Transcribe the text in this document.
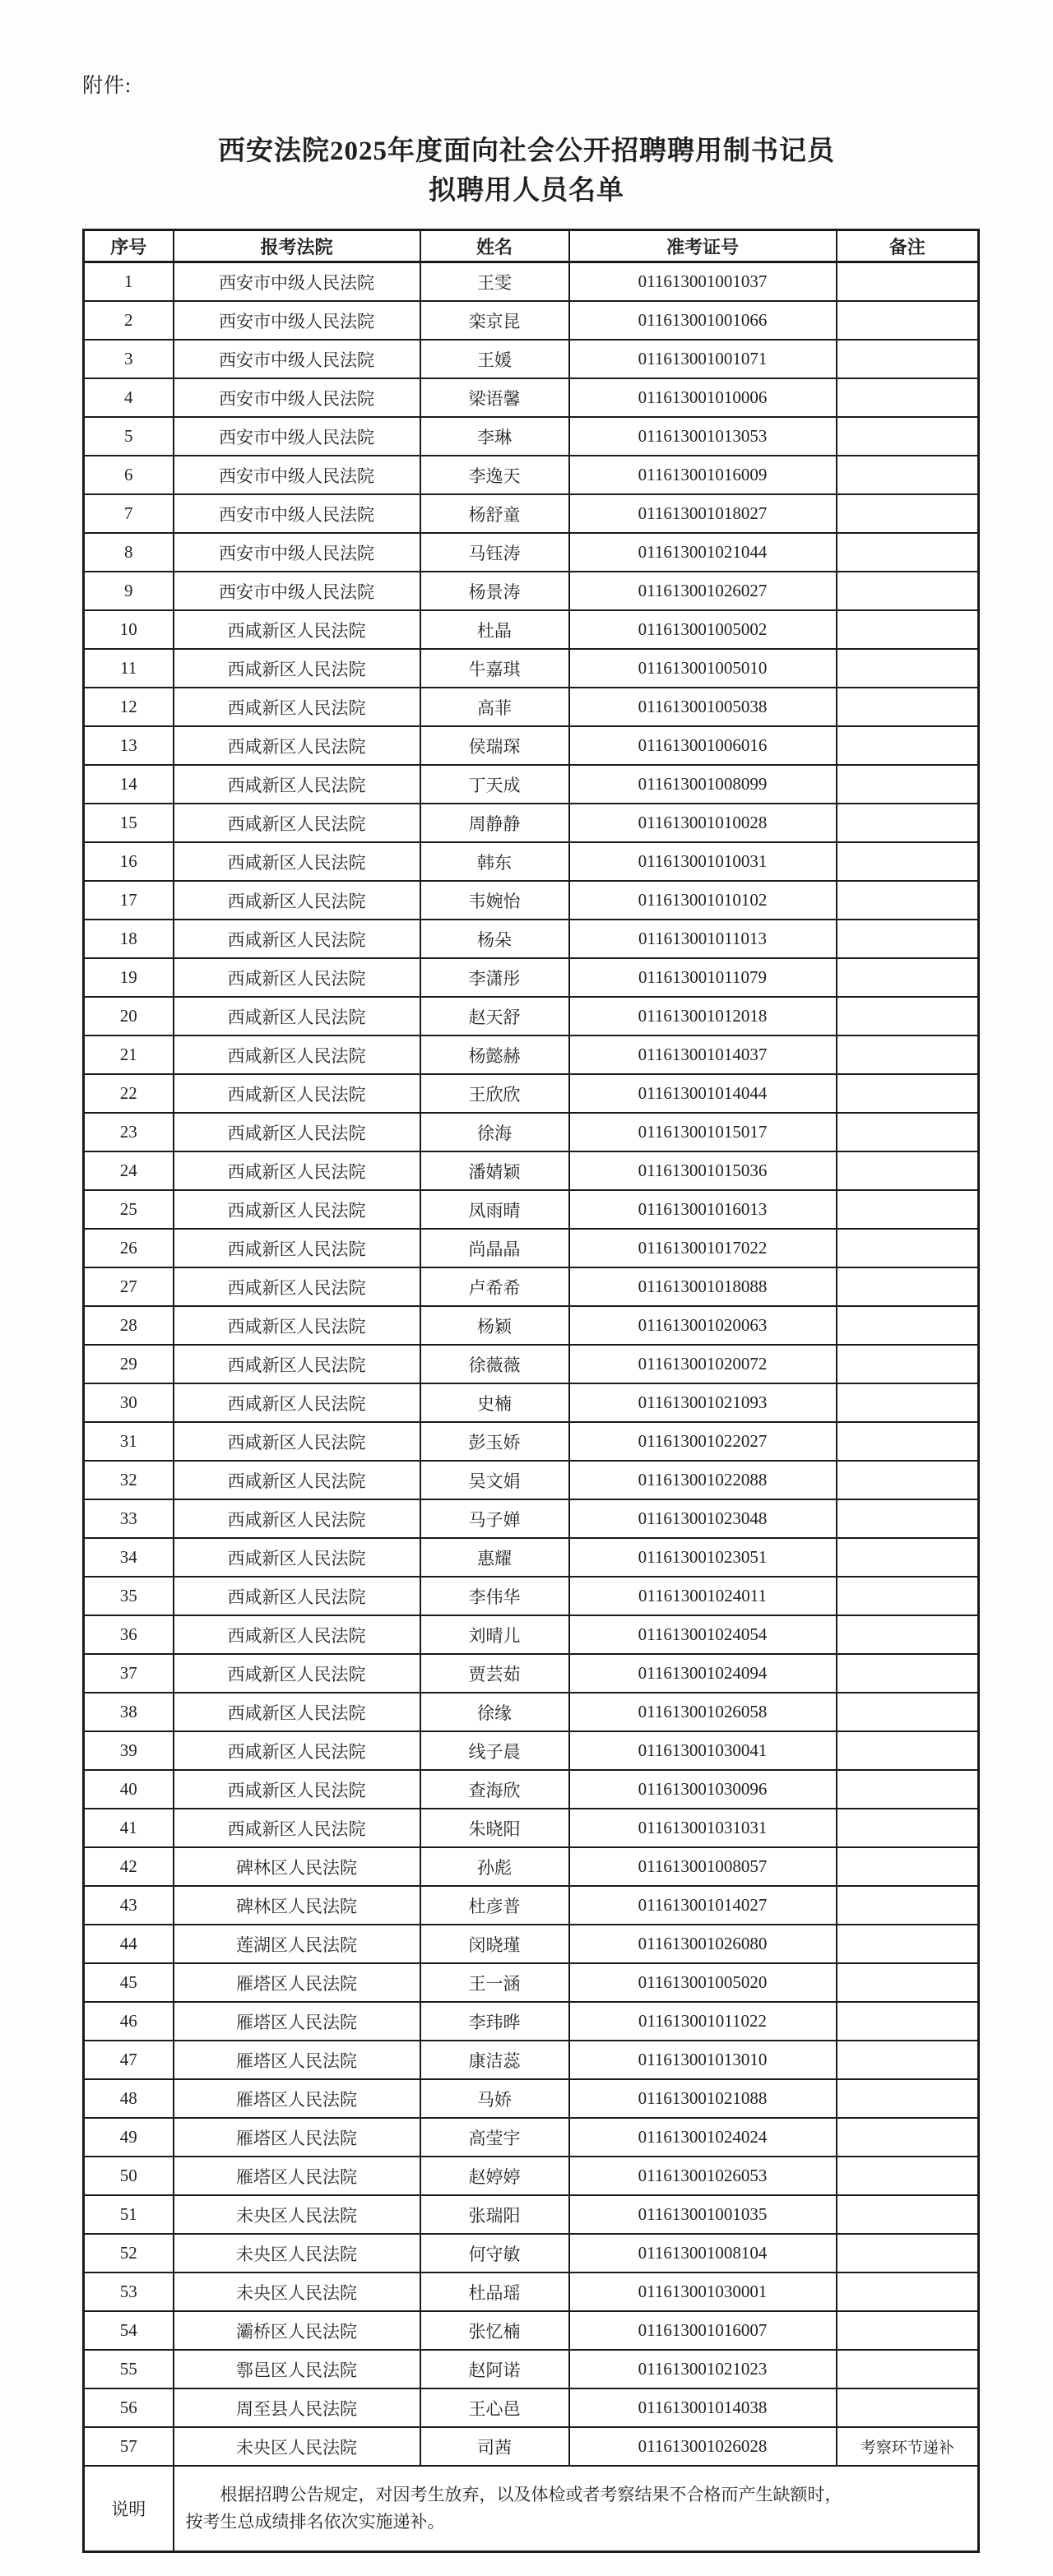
附件:
西安法院2025年度面向社会公开招聘聘用制书记员
拟聘用人员名单
序号	报考法院	姓名	准考证号	备注
1	西安市中级人民法院	王雯	011613001001037	
2	西安市中级人民法院	栾京昆	011613001001066	
3	西安市中级人民法院	王媛	011613001001071	
4	西安市中级人民法院	梁语馨	011613001010006	
5	西安市中级人民法院	李琳	011613001013053	
6	西安市中级人民法院	李逸天	011613001016009	
7	西安市中级人民法院	杨舒童	011613001018027	
8	西安市中级人民法院	马钰涛	011613001021044	
9	西安市中级人民法院	杨景涛	011613001026027	
10	西咸新区人民法院	杜晶	011613001005002	
11	西咸新区人民法院	牛嘉琪	011613001005010	
12	西咸新区人民法院	高菲	011613001005038	
13	西咸新区人民法院	侯瑞琛	011613001006016	
14	西咸新区人民法院	丁天成	011613001008099	
15	西咸新区人民法院	周静静	011613001010028	
16	西咸新区人民法院	韩东	011613001010031	
17	西咸新区人民法院	韦婉怡	011613001010102	
18	西咸新区人民法院	杨朵	011613001011013	
19	西咸新区人民法院	李潇彤	011613001011079	
20	西咸新区人民法院	赵天舒	011613001012018	
21	西咸新区人民法院	杨懿赫	011613001014037	
22	西咸新区人民法院	王欣欣	011613001014044	
23	西咸新区人民法院	徐海	011613001015017	
24	西咸新区人民法院	潘婧颖	011613001015036	
25	西咸新区人民法院	凤雨晴	011613001016013	
26	西咸新区人民法院	尚晶晶	011613001017022	
27	西咸新区人民法院	卢希希	011613001018088	
28	西咸新区人民法院	杨颖	011613001020063	
29	西咸新区人民法院	徐薇薇	011613001020072	
30	西咸新区人民法院	史楠	011613001021093	
31	西咸新区人民法院	彭玉娇	011613001022027	
32	西咸新区人民法院	吴文娟	011613001022088	
33	西咸新区人民法院	马子婵	011613001023048	
34	西咸新区人民法院	惠耀	011613001023051	
35	西咸新区人民法院	李伟华	011613001024011	
36	西咸新区人民法院	刘晴儿	011613001024054	
37	西咸新区人民法院	贾芸茹	011613001024094	
38	西咸新区人民法院	徐缘	011613001026058	
39	西咸新区人民法院	线子晨	011613001030041	
40	西咸新区人民法院	查海欣	011613001030096	
41	西咸新区人民法院	朱晓阳	011613001031031	
42	碑林区人民法院	孙彪	011613001008057	
43	碑林区人民法院	杜彦普	011613001014027	
44	莲湖区人民法院	闵晓瑾	011613001026080	
45	雁塔区人民法院	王一涵	011613001005020	
46	雁塔区人民法院	李玮晔	011613001011022	
47	雁塔区人民法院	康洁蕊	011613001013010	
48	雁塔区人民法院	马娇	011613001021088	
49	雁塔区人民法院	高莹宇	011613001024024	
50	雁塔区人民法院	赵婷婷	011613001026053	
51	未央区人民法院	张瑞阳	011613001001035	
52	未央区人民法院	何守敏	011613001008104	
53	未央区人民法院	杜品瑶	011613001030001	
54	灞桥区人民法院	张忆楠	011613001016007	
55	鄠邑区人民法院	赵阿诺	011613001021023	
56	周至县人民法院	王心邑	011613001014038	
57	未央区人民法院	司茜	011613001026028	考察环节递补
说明	根据招聘公告规定，对因考生放弃，以及体检或者考察结果不合格而产生缺额时，
按考生总成绩排名依次实施递补。			
